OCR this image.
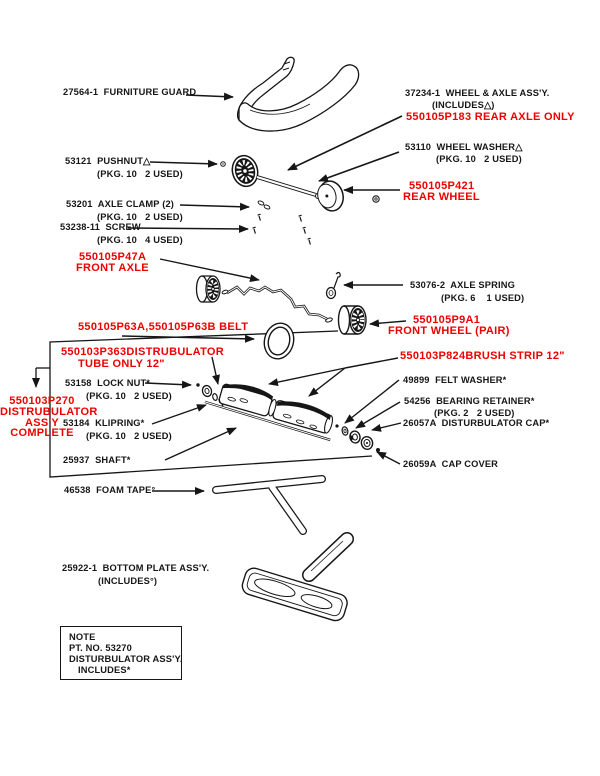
27564-1  FURNITURE GUARD
53121  PUSHNUT△
(PKG. 10   2 USED)
53201  AXLE CLAMP (2)
(PKG. 10   2 USED)
53238-11  SCREW
(PKG. 10   4 USED)
550105P47A
FRONT AXLE
550105P63A,550105P63B BELT
550103P363DISTRUBULATOR
TUBE ONLY 12"
53158  LOCK NUT*
(PKG. 10   2 USED)
550103P270
DISTRUBULATOR
ASS'Y
COMPLETE
53184  KLIPRING*
(PKG. 10   2 USED)
25937  SHAFT*
46538  FOAM TAPE°
25922-1  BOTTOM PLATE ASS'Y.
(INCLUDES°)
37234-1  WHEEL & AXLE ASS'Y.
(INCLUDES△)
550105P183 REAR AXLE ONLY
53110  WHEEL WASHER△
(PKG. 10   2 USED)
550105P421
REAR WHEEL
53076-2  AXLE SPRING
(PKG. 6    1 USED)
550105P9A1
FRONT WHEEL (PAIR)
550103P824BRUSH STRIP 12"
49899  FELT WASHER*
54256  BEARING RETAINER*
(PKG. 2   2 USED)
26057A  DISTURBULATOR CAP*
26059A  CAP COVER
NOTE
PT. NO. 53270
DISTURBULATOR ASS'Y.
INCLUDES*
